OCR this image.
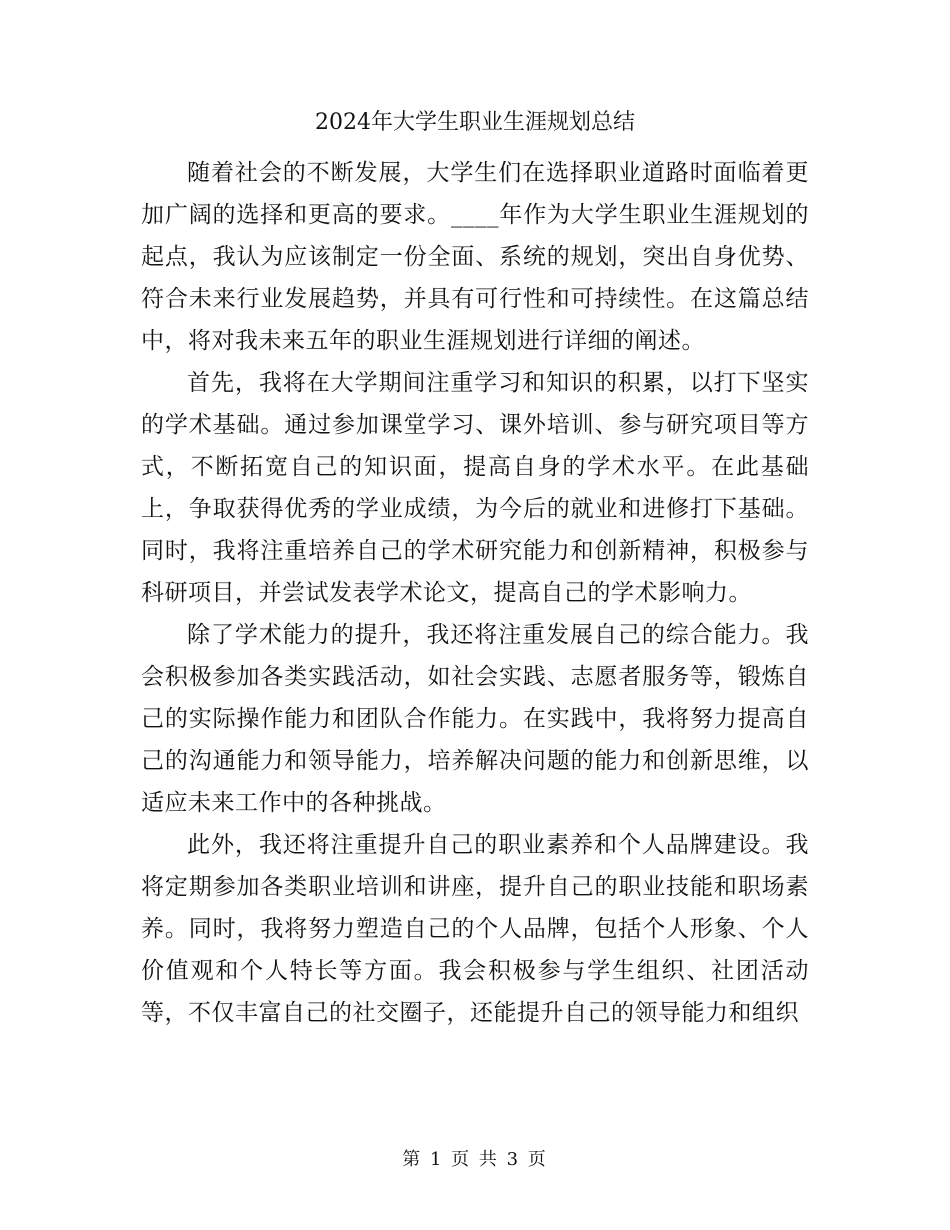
2024年大学生职业生涯规划总结

随着社会的不断发展，大学生们在选择职业道路时面临着更加广阔的选择和更高的要求。____年作为大学生职业生涯规划的起点，我认为应该制定一份全面、系统的规划，突出自身优势、符合未来行业发展趋势，并具有可行性和可持续性。在这篇总结中，将对我未来五年的职业生涯规划进行详细的阐述。

首先，我将在大学期间注重学习和知识的积累，以打下坚实的学术基础。通过参加课堂学习、课外培训、参与研究项目等方式，不断拓宽自己的知识面，提高自身的学术水平。在此基础上，争取获得优秀的学业成绩，为今后的就业和进修打下基础。同时，我将注重培养自己的学术研究能力和创新精神，积极参与科研项目，并尝试发表学术论文，提高自己的学术影响力。

除了学术能力的提升，我还将注重发展自己的综合能力。我会积极参加各类实践活动，如社会实践、志愿者服务等，锻炼自己的实际操作能力和团队合作能力。在实践中，我将努力提高自己的沟通能力和领导能力，培养解决问题的能力和创新思维，以适应未来工作中的各种挑战。

此外，我还将注重提升自己的职业素养和个人品牌建设。我将定期参加各类职业培训和讲座，提升自己的职业技能和职场素养。同时，我将努力塑造自己的个人品牌，包括个人形象、个人价值观和个人特长等方面。我会积极参与学生组织、社团活动等，不仅丰富自己的社交圈子，还能提升自己的领导能力和组织

第 1 页 共 3 页
